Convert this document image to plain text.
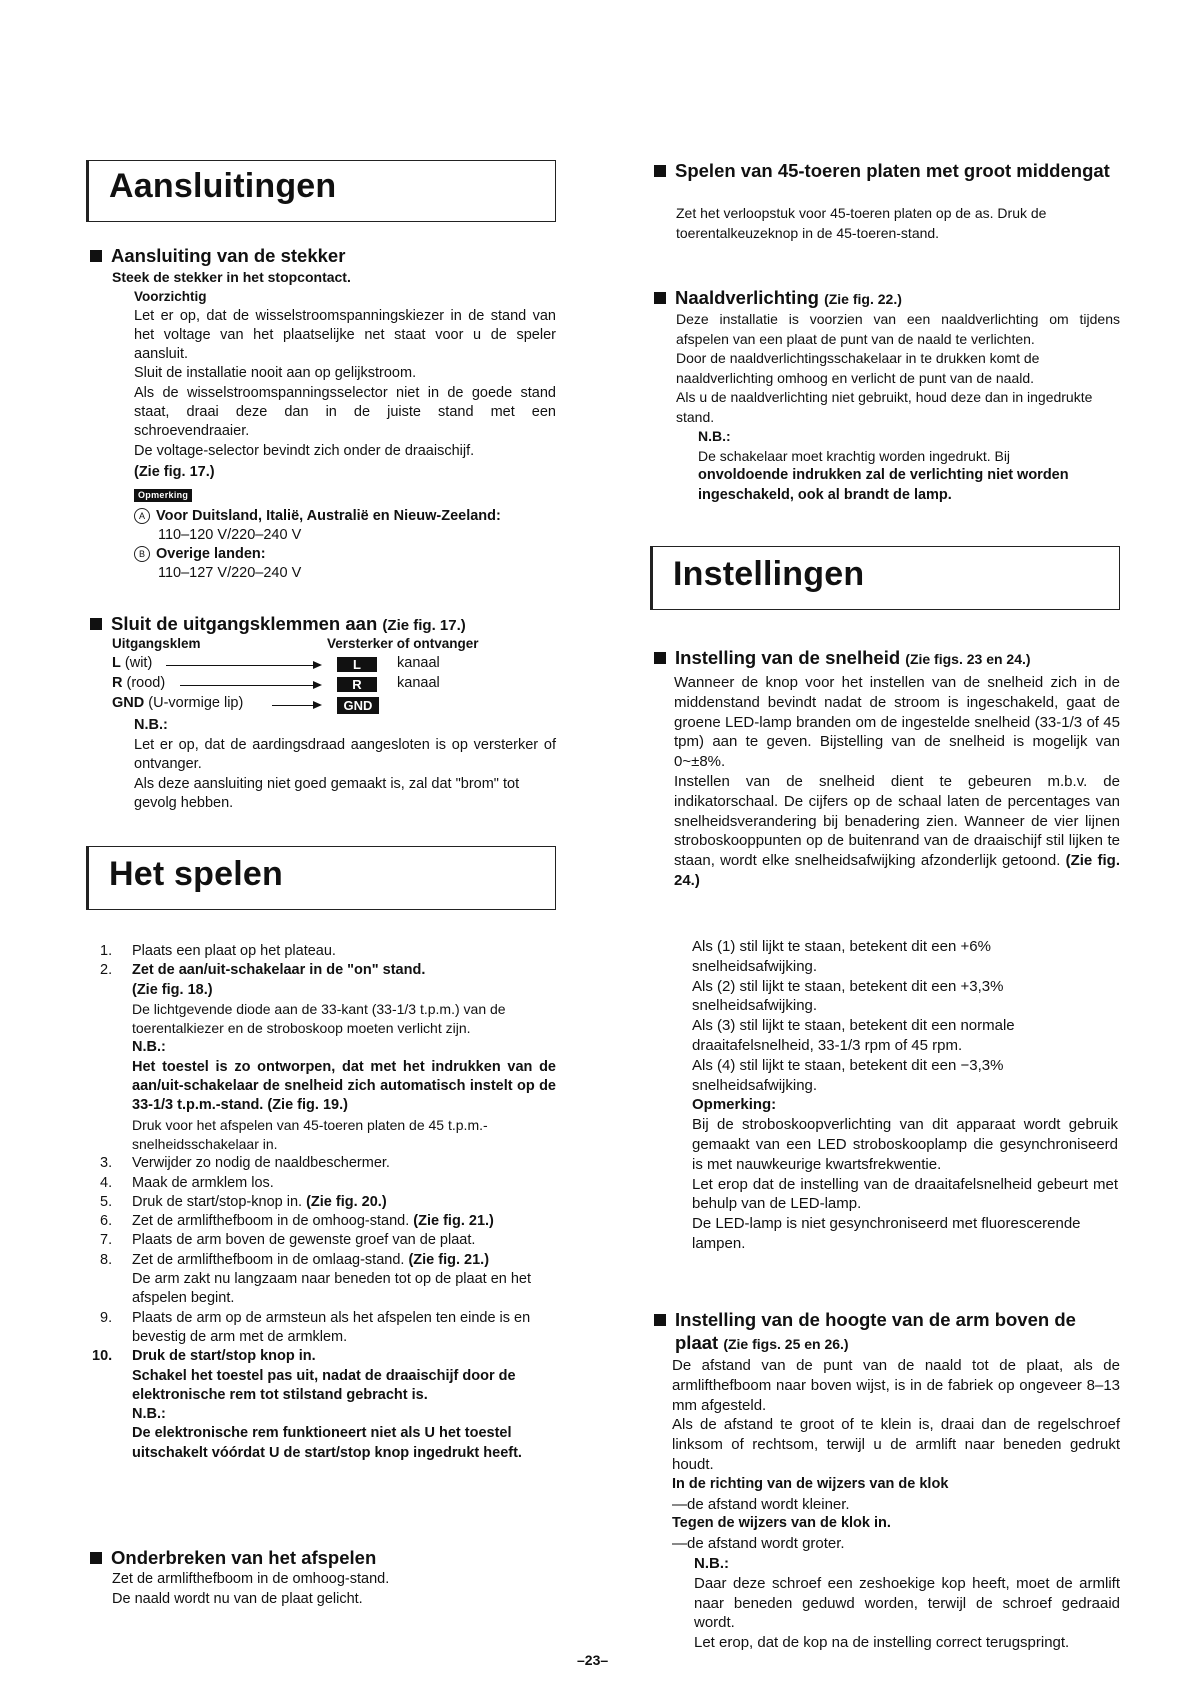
Aansluitingen
Aansluiting van de stekker

Steek de stekker in het stopcontact.

Voorzichtig

Let er op, dat de wisselstroomspanningskiezer in de stand van het voltage van het plaatselijke net staat voor u de speler aansluit.

Sluit de installatie nooit aan op gelijkstroom.

Als de wisselstroomspanningsselector niet in de goede stand staat, draai deze dan in de juiste stand met een schroevendraaier.

De voltage-selector bevindt zich onder de draaischijf.

(Zie fig. 17.)

Opmerking

A Voor Duitsland, Italië, Australië en Nieuw-Zeeland:

110–120 V/220–240 V

B Overige landen:

110–127 V/220–240 V

Sluit de uitgangsklemmen aan (Zie fig. 17.)
Uitgangsklem	Versterker of ontvanger
L (wit)	L	kanaal
R (rood)	R	kanaal
GND (U-vormige lip)	GND

N.B.:

Let er op, dat de aardingsdraad aangesloten is op versterker of ontvanger.

Als deze aansluiting niet goed gemaakt is, zal dat "brom" tot gevolg hebben.

Het spelen
1. Plaats een plaat op het plateau.
2. Zet de aan/uit-schakelaar in de "on" stand.
(Zie fig. 18.)
De lichtgevende diode aan de 33-kant (33-1/3 t.p.m.) van de toerentalkiezer en de stroboskoop moeten verlicht zijn.
N.B.:
Het toestel is zo ontworpen, dat met het indrukken van de aan/uit-schakelaar de snelheid zich automatisch instelt op de 33-1/3 t.p.m.-stand. (Zie fig. 19.)
Druk voor het afspelen van 45-toeren platen de 45 t.p.m.-snelheidsschakelaar in.
3. Verwijder zo nodig de naaldbeschermer.
4. Maak de armklem los.
5. Druk de start/stop-knop in. (Zie fig. 20.)
6. Zet de armlifthefboom in de omhoog-stand. (Zie fig. 21.)
7. Plaats de arm boven de gewenste groef van de plaat.
8. Zet de armlifthefboom in de omlaag-stand. (Zie fig. 21.)
De arm zakt nu langzaam naar beneden tot op de plaat en het afspelen begint.
9. Plaats de arm op de armsteun als het afspelen ten einde is en bevestig de arm met de armklem.
10. Druk de start/stop knop in.
Schakel het toestel pas uit, nadat de draaischijf door de elektronische rem tot stilstand gebracht is.
N.B.:
De elektronische rem funktioneert niet als U het toestel uitschakelt vóórdat U de start/stop knop ingedrukt heeft.
Onderbreken van het afspelen

Zet de armlifthefboom in de omhoog-stand.

De naald wordt nu van de plaat gelicht.

Spelen van 45-toeren platen met groot middengat

Zet het verloopstuk voor 45-toeren platen op de as. Druk de toerentalkeuzeknop in de 45-toeren-stand.

Naaldverlichting (Zie fig. 22.)

Deze installatie is voorzien van een naaldverlichting om tijdens afspelen van een plaat de punt van de naald te verlichten.

Door de naaldverlichtingsschakelaar in te drukken komt de naaldverlichting omhoog en verlicht de punt van de naald.

Als u de naaldverlichting niet gebruikt, houd deze dan in ingedrukte stand.

N.B.:

De schakelaar moet krachtig worden ingedrukt. Bij

onvoldoende indrukken zal de verlichting niet worden ingeschakeld, ook al brandt de lamp.

Instellingen
Instelling van de snelheid (Zie figs. 23 en 24.)

Wanneer de knop voor het instellen van de snelheid zich in de middenstand bevindt nadat de stroom is ingeschakeld, gaat de groene LED-lamp branden om de ingestelde snelheid (33-1/3 of 45 tpm) aan te geven. Bijstelling van de snelheid is mogelijk van 0~±8%.

Instellen van de snelheid dient te gebeuren m.b.v. de indikatorschaal. De cijfers op de schaal laten de percentages van snelheidsverandering bij benadering zien. Wanneer de vier lijnen stroboskooppunten op de buitenrand van de draaischijf stil lijken te staan, wordt elke snelheidsafwijking afzonderlijk getoond. (Zie fig. 24.)

Als (1) stil lijkt te staan, betekent dit een +6% snelheidsafwijking.

Als (2) stil lijkt te staan, betekent dit een +3,3% snelheidsafwijking.

Als (3) stil lijkt te staan, betekent dit een normale draaitafelsnelheid, 33-1/3 rpm of 45 rpm.

Als (4) stil lijkt te staan, betekent dit een −3,3% snelheidsafwijking.

Opmerking:

Bij de stroboskoopverlichting van dit apparaat wordt gebruik gemaakt van een LED stroboskooplamp die gesynchroniseerd is met nauwkeurige kwartsfrekwentie.

Let erop dat de instelling van de draaitafelsnelheid gebeurt met behulp van de LED-lamp.

De LED-lamp is niet gesynchroniseerd met fluorescerende lampen.

Instelling van de hoogte van de arm boven de
plaat (Zie figs. 25 en 26.)

De afstand van de punt van de naald tot de plaat, als de armlifthefboom naar boven wijst, is in de fabriek op ongeveer 8–13 mm afgesteld.

Als de afstand te groot of te klein is, draai dan de regelschroef linksom of rechtsom, terwijl u de armlift naar beneden gedrukt houdt.

In de richting van de wijzers van de klok

—de afstand wordt kleiner.

Tegen de wijzers van de klok in.

—de afstand wordt groter.

N.B.:

Daar deze schroef een zeshoekige kop heeft, moet de armlift naar beneden geduwd worden, terwijl de schroef gedraaid wordt.

Let erop, dat de kop na de instelling correct terugspringt.

–23–
